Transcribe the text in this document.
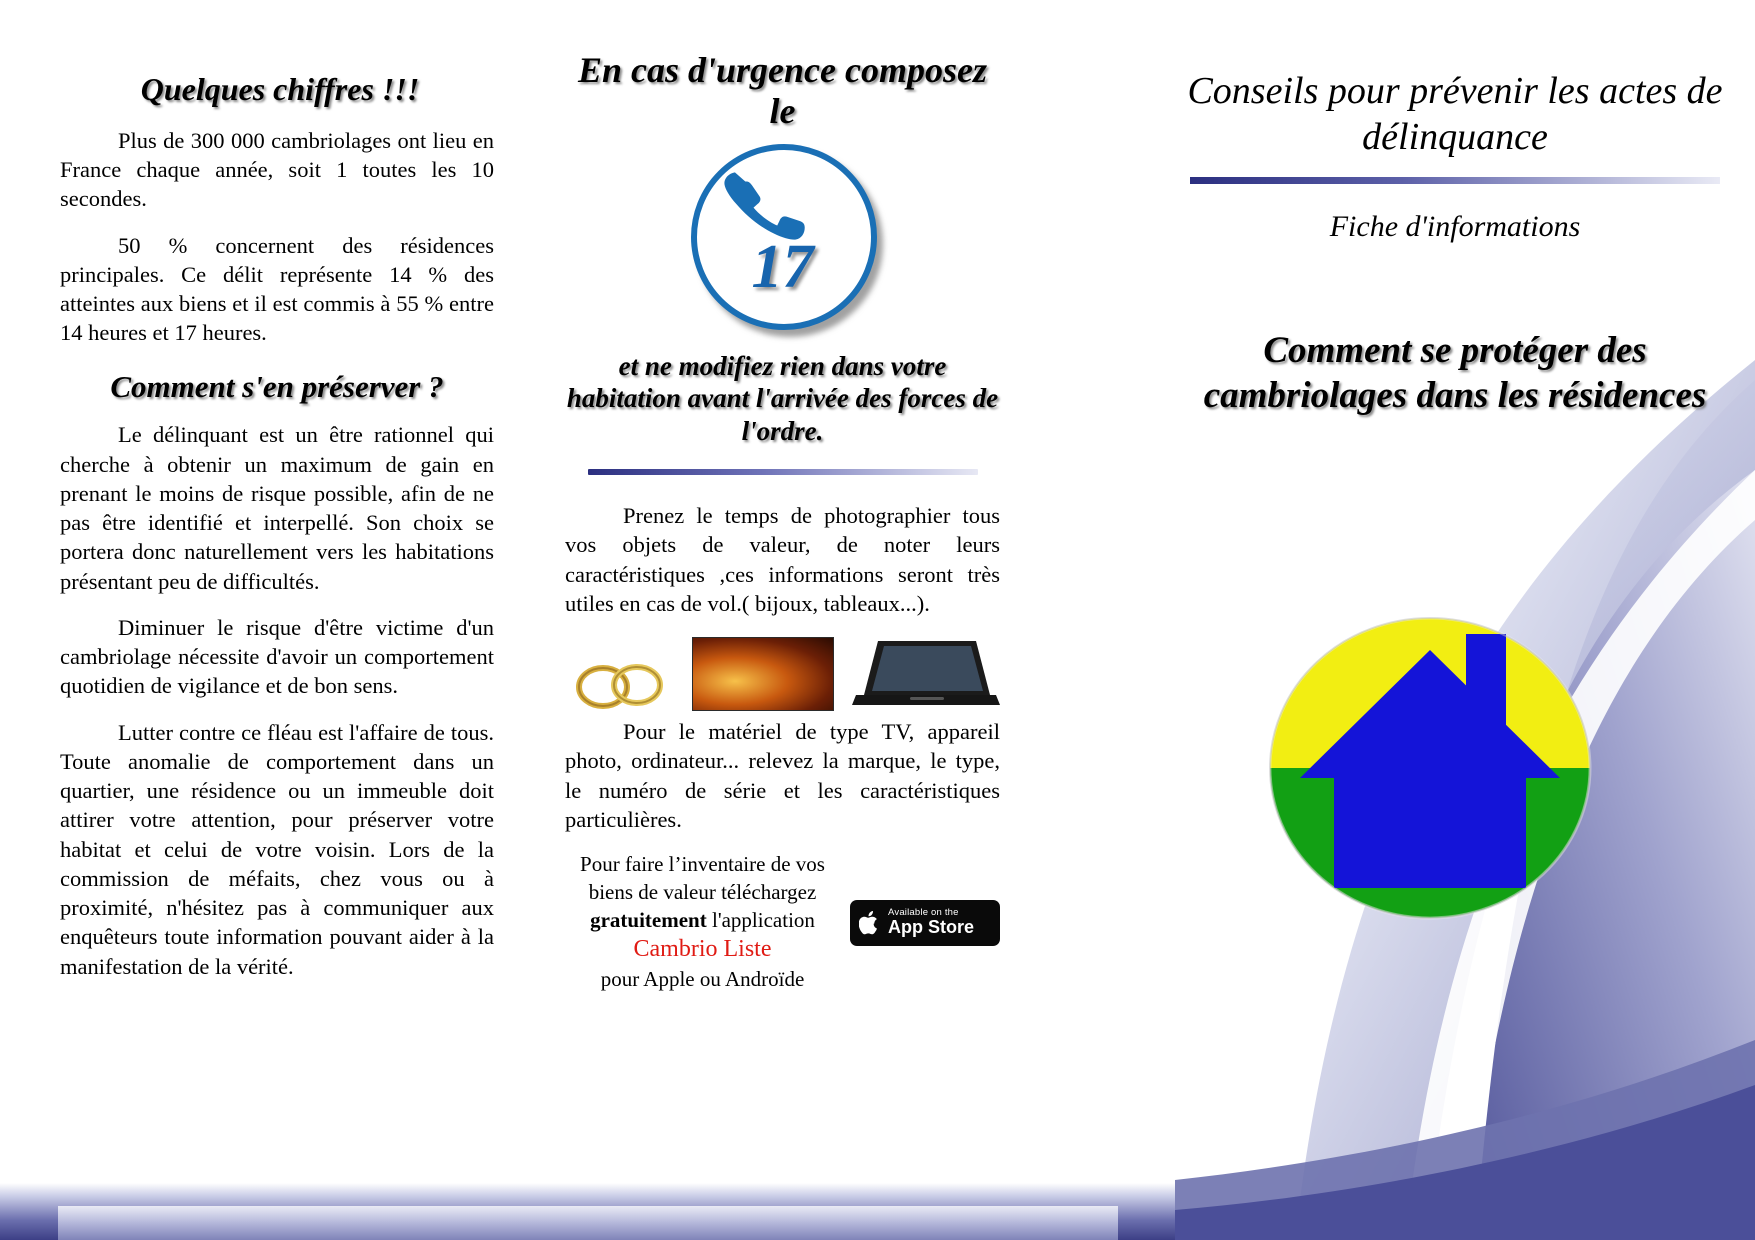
Quelques chiffres !!!

Plus de 300 000 cambriolages ont lieu en France chaque année, soit 1 toutes les 10 secondes.

50 % concernent des résidences principales. Ce délit représente 14 % des atteintes aux biens et il est commis à 55 % entre 14 heures et 17 heures.

Comment s'en préserver ?

Le délinquant est un être rationnel qui cherche à obtenir un maximum de gain en prenant le moins de risque possible, afin de ne pas être identifié et interpellé. Son choix se portera donc naturellement vers les habitations présentant peu de difficultés.

Diminuer le risque d'être victime d'un cambriolage nécessite d'avoir un comportement quotidien de vigilance et de bon sens.

Lutter contre ce fléau est l'affaire de tous. Toute anomalie de comportement dans un quartier, une résidence ou un immeuble doit attirer votre attention, pour préserver votre habitat et celui de votre voisin. Lors de la commission de méfaits, chez vous ou à proximité, n'hésitez pas à communiquer aux enquêteurs toute information pouvant aider à la manifestation de la vérité.

En cas d'urgence composez le
17
et ne modifiez rien dans votre habitation avant l'arrivée des forces de l'ordre.

Prenez le temps de photographier tous vos objets de valeur, de noter leurs caractéristiques ,ces informations seront très utiles en cas de vol.( bijoux, tableaux...).

Pour le matériel de type TV, appareil photo, ordinateur... relevez la marque, le type, le numéro de série et les caractéristiques particulières.

Pour faire l’inventaire de vos
biens de valeur téléchargez
gratuitement l'application
Cambrio Liste
pour Apple ou Androïde
Available on the
App Store
Conseils pour prévenir les actes de délinquance
Fiche d'informations
Comment se protéger des cambriolages dans les résidences
